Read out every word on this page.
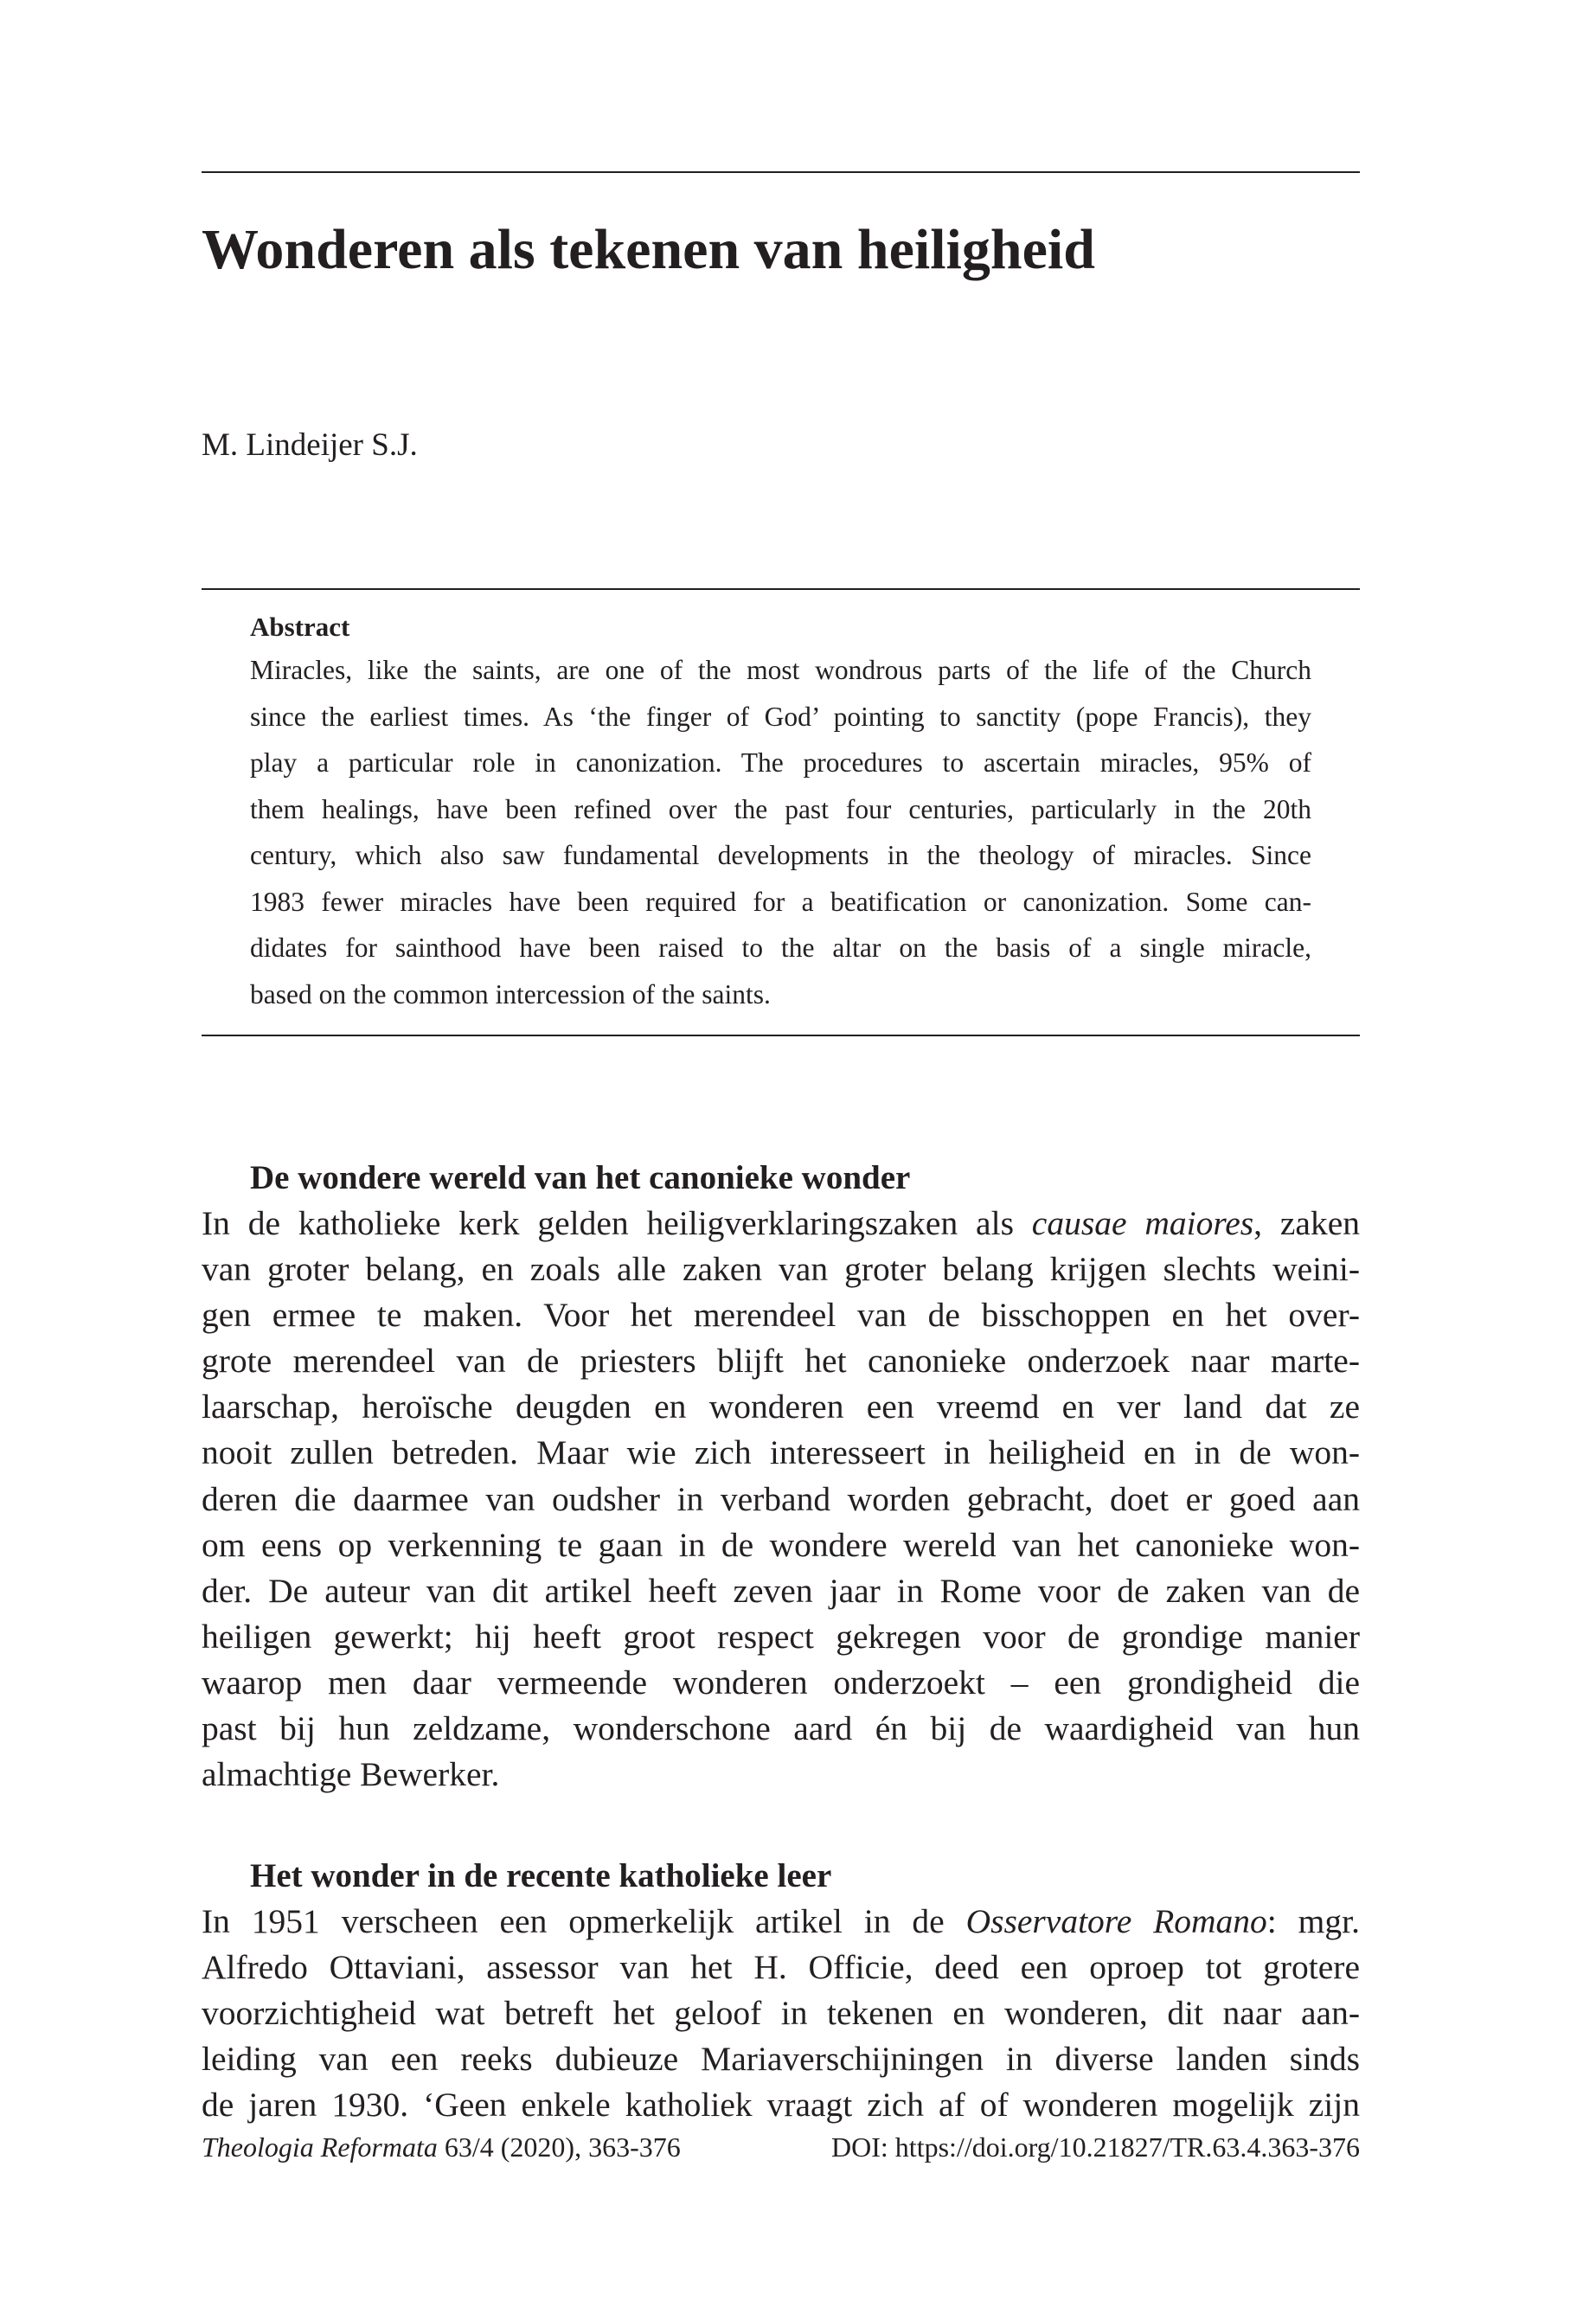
Wonderen als tekenen van heiligheid
M. Lindeijer S.J.
Abstract
Miracles, like the saints, are one of the most wondrous parts of the life of the Church
since the earliest times. As ‘the finger of God’ pointing to sanctity (pope Francis), they
play a particular role in canonization. The procedures to ascertain miracles, 95% of
them healings, have been refined over the past four centuries, particularly in the 20th
century, which also saw fundamental developments in the theology of miracles. Since
1983 fewer miracles have been required for a beatification or canonization. Some can-
didates for sainthood have been raised to the altar on the basis of a single miracle,
based on the common intercession of the saints.
De wondere wereld van het canonieke wonder
In de katholieke kerk gelden heiligverklaringszaken als causae maiores, zaken
van groter belang, en zoals alle zaken van groter belang krijgen slechts weini-
gen ermee te maken. Voor het merendeel van de bisschoppen en het over-
grote merendeel van de priesters blijft het canonieke onderzoek naar marte-
laarschap, heroïsche deugden en wonderen een vreemd en ver land dat ze
nooit zullen betreden. Maar wie zich interesseert in heiligheid en in de won-
deren die daarmee van oudsher in verband worden gebracht, doet er goed aan
om eens op verkenning te gaan in de wondere wereld van het canonieke won-
der. De auteur van dit artikel heeft zeven jaar in Rome voor de zaken van de
heiligen gewerkt; hij heeft groot respect gekregen voor de grondige manier
waarop men daar vermeende wonderen onderzoekt – een grondigheid die
past bij hun zeldzame, wonderschone aard én bij de waardigheid van hun
almachtige Bewerker.
Het wonder in de recente katholieke leer
In 1951 verscheen een opmerkelijk artikel in de Osservatore Romano: mgr.
Alfredo Ottaviani, assessor van het H. Officie, deed een oproep tot grotere
voorzichtigheid wat betreft het geloof in tekenen en wonderen, dit naar aan-
leiding van een reeks dubieuze Mariaverschijningen in diverse landen sinds
de jaren 1930. ‘Geen enkele katholiek vraagt zich af of wonderen mogelijk zijn
Theologia Reformata 63/4 (2020), 363-376	DOI: https://doi.org/10.21827/TR.63.4.363-376
